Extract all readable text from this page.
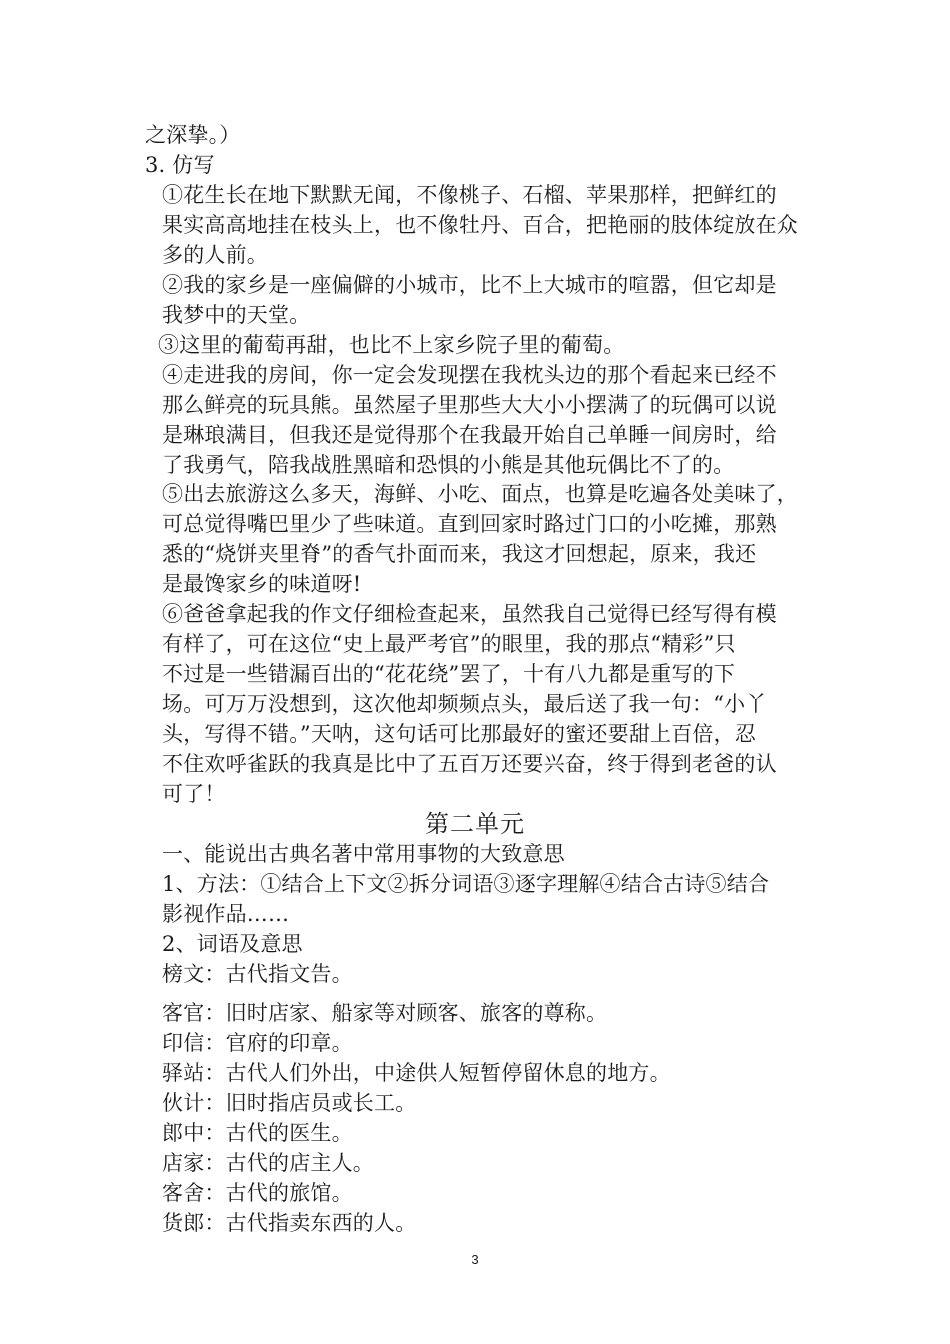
之深挚。）
3. 仿写
①花生长在地下默默无闻，不像桃子、石榴、苹果那样，把鲜红的
果实高高地挂在枝头上，也不像牡丹、百合，把艳丽的肢体绽放在众
多的人前。
②我的家乡是一座偏僻的小城市，比不上大城市的喧嚣，但它却是
我梦中的天堂。
③这里的葡萄再甜，也比不上家乡院子里的葡萄。
④走进我的房间，你一定会发现摆在我枕头边的那个看起来已经不
那么鲜亮的玩具熊。虽然屋子里那些大大小小摆满了的玩偶可以说
是琳琅满目，但我还是觉得那个在我最开始自己单睡一间房时，给
了我勇气，陪我战胜黑暗和恐惧的小熊是其他玩偶比不了的。
⑤出去旅游这么多天，海鲜、小吃、面点，也算是吃遍各处美味了，
可总觉得嘴巴里少了些味道。直到回家时路过门口的小吃摊，那熟
悉的“烧饼夹里脊”的香气扑面而来，我这才回想起，原来，我还
是最馋家乡的味道呀!
⑥爸爸拿起我的作文仔细检查起来，虽然我自己觉得已经写得有模
有样了，可在这位“史上最严考官”的眼里，我的那点“精彩”只
不过是一些错漏百出的“花花绕”罢了，十有八九都是重写的下
场。可万万没想到，这次他却频频点头，最后送了我一句：“小丫
头，写得不错。”天呐，这句话可比那最好的蜜还要甜上百倍，忍
不住欢呼雀跃的我真是比中了五百万还要兴奋，终于得到老爸的认
可了！
第二单元
一、能说出古典名著中常用事物的大致意思
1、方法：①结合上下文②拆分词语③逐字理解④结合古诗⑤结合
影视作品……
2、词语及意思
榜文：古代指文告。
客官：旧时店家、船家等对顾客、旅客的尊称。
印信：官府的印章。
驿站：古代人们外出，中途供人短暂停留休息的地方。
伙计：旧时指店员或长工。
郎中：古代的医生。
店家：古代的店主人。
客舍：古代的旅馆。
货郎：古代指卖东西的人。
3
